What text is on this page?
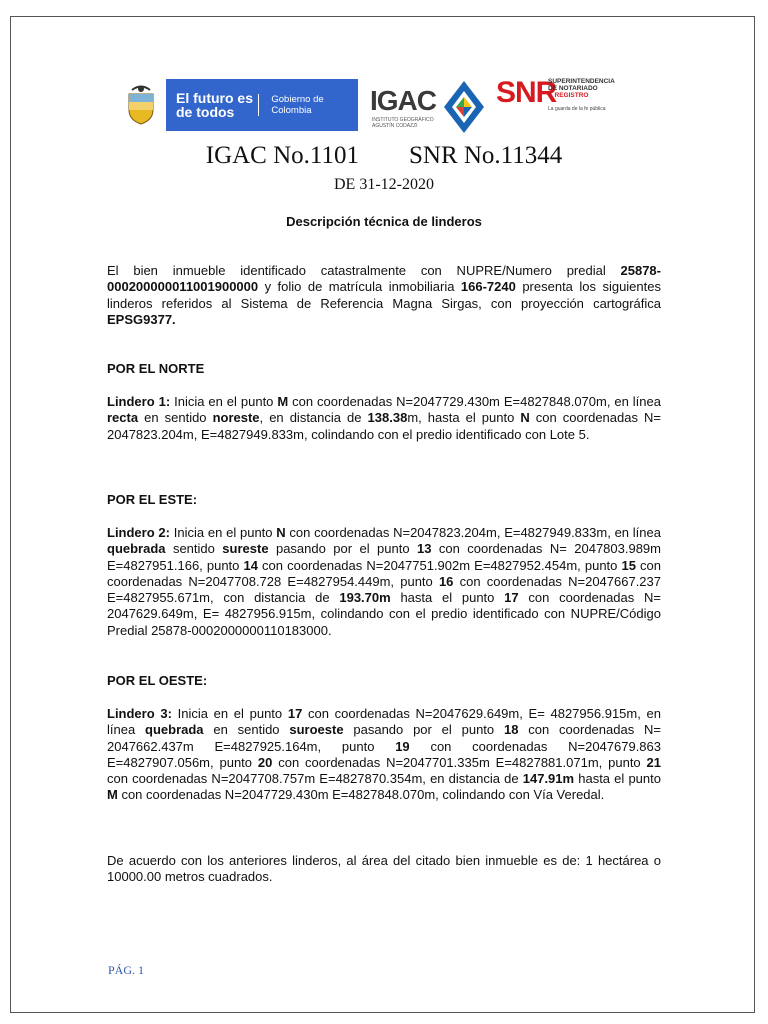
El futuro es de todos
Gobierno de Colombia	IGAC
INSTITUTO GEOGRÁFICO AGUSTÍN CODAZZI
SNR
SUPERINTENDENCIA
DE NOTARIADO
& REGISTRO
La guarda de la fe pública
IGAC No.1101        SNR No.11344
DE 31-12-2020
Descripción técnica de linderos
El bien inmueble identificado catastralmente con NUPRE/Numero predial 25878-000200000011001900000 y folio de matrícula inmobiliaria 166-7240 presenta los siguientes linderos referidos al Sistema de Referencia Magna Sirgas, con proyección cartográfica EPSG9377.
POR EL NORTE
Lindero 1: Inicia en el punto M con coordenadas N=2047729.430m E=4827848.070m, en línea recta en sentido noreste, en distancia de 138.38m, hasta el punto N con coordenadas N= 2047823.204m, E=4827949.833m, colindando con el predio identificado con Lote 5.
POR EL ESTE:
Lindero 2: Inicia en el punto N con coordenadas N=2047823.204m, E=4827949.833m, en línea quebrada sentido sureste pasando por el punto 13 con coordenadas N= 2047803.989m E=4827951.166, punto 14 con coordenadas N=2047751.902m E=4827952.454m, punto 15 con coordenadas N=2047708.728 E=4827954.449m, punto 16 con coordenadas N=2047667.237 E=4827955.671m, con distancia de 193.70m hasta el punto 17 con coordenadas N= 2047629.649m, E= 4827956.915m, colindando con el predio identificado con NUPRE/Código Predial 25878-0002000000110183000.
POR EL OESTE:
Lindero 3: Inicia en el punto 17 con coordenadas N=2047629.649m, E= 4827956.915m, en línea quebrada en sentido suroeste pasando por el punto 18 con coordenadas N= 2047662.437m E=4827925.164m, punto 19 con coordenadas N=2047679.863 E=4827907.056m, punto 20 con coordenadas N=2047701.335m E=4827881.071m, punto 21 con coordenadas N=2047708.757m E=4827870.354m, en distancia de 147.91m hasta el punto M con coordenadas N=2047729.430m E=4827848.070m, colindando con Vía Veredal.
De acuerdo con los anteriores linderos, al área del citado bien inmueble es de: 1 hectárea o 10000.00 metros cuadrados.
PÁG. 1
